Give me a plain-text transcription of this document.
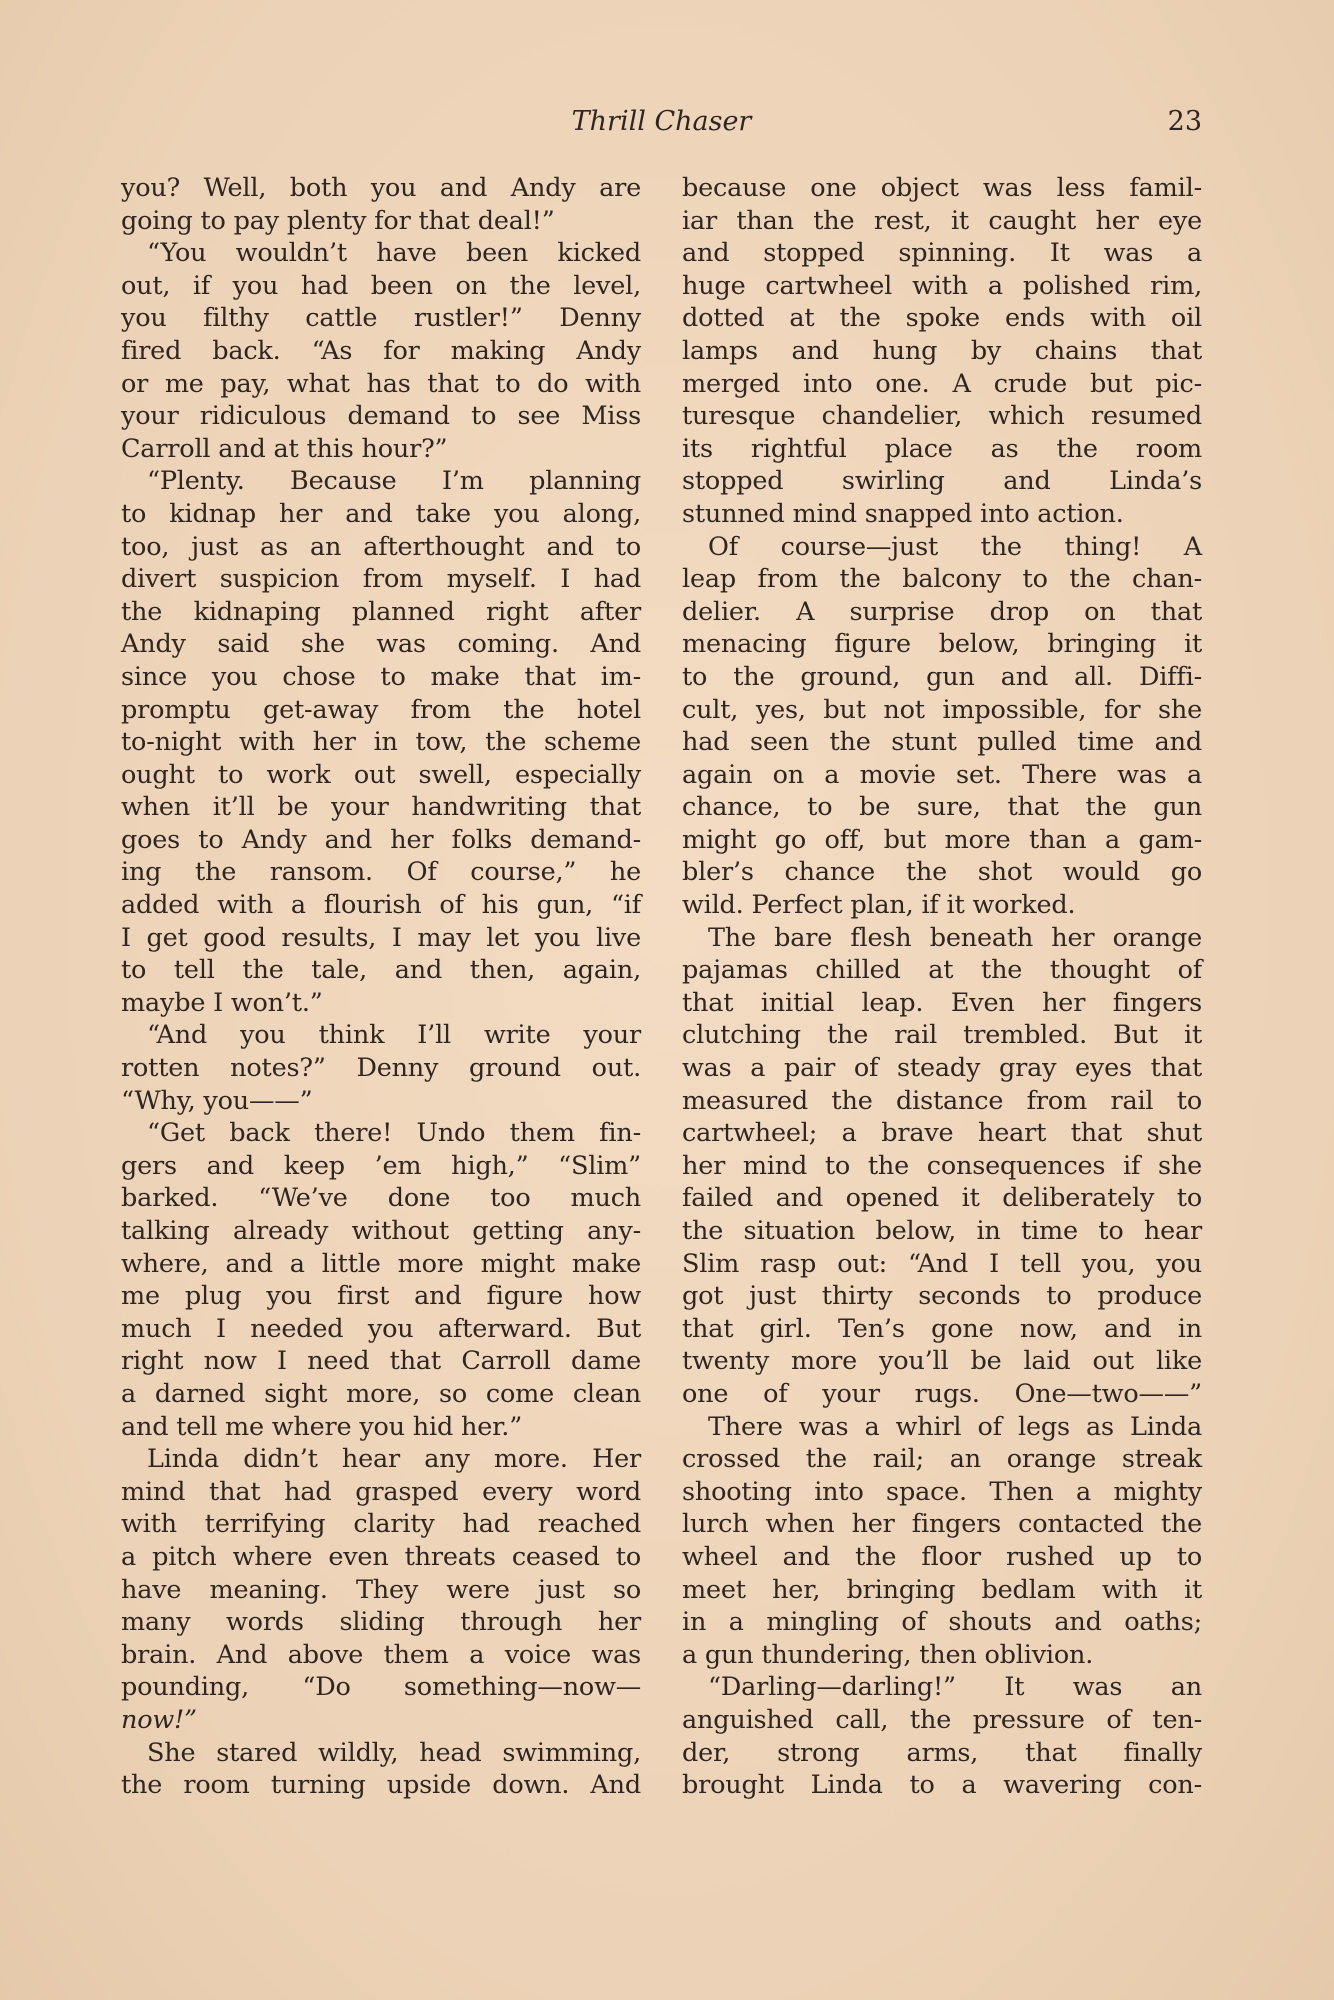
Thrill Chaser	23
you? Well, both you and Andy are
going to pay plenty for that deal!”
“You wouldn’t have been kicked
out, if you had been on the level,
you filthy cattle rustler!” Denny
fired back. “As for making Andy
or me pay, what has that to do with
your ridiculous demand to see Miss
Carroll and at this hour?”
“Plenty. Because I’m planning
to kidnap her and take you along,
too, just as an afterthought and to
divert suspicion from myself. I had
the kidnaping planned right after
Andy said she was coming. And
since you chose to make that im-
promptu get-away from the hotel
to-night with her in tow, the scheme
ought to work out swell, especially
when it’ll be your handwriting that
goes to Andy and her folks demand-
ing the ransom. Of course,” he
added with a flourish of his gun, “if
I get good results, I may let you live
to tell the tale, and then, again,
maybe I won’t.”
“And you think I’ll write your
rotten notes?” Denny ground out.
“Why, you——”
“Get back there! Undo them fin-
gers and keep ’em high,” “Slim”
barked. “We’ve done too much
talking already without getting any-
where, and a little more might make
me plug you first and figure how
much I needed you afterward. But
right now I need that Carroll dame
a darned sight more, so come clean
and tell me where you hid her.”
Linda didn’t hear any more. Her
mind that had grasped every word
with terrifying clarity had reached
a pitch where even threats ceased to
have meaning. They were just so
many words sliding through her
brain. And above them a voice was
pounding, “Do something—now—
now!”
She stared wildly, head swimming,
the room turning upside down. And
because one object was less famil-
iar than the rest, it caught her eye
and stopped spinning. It was a
huge cartwheel with a polished rim,
dotted at the spoke ends with oil
lamps and hung by chains that
merged into one. A crude but pic-
turesque chandelier, which resumed
its rightful place as the room
stopped swirling and Linda’s
stunned mind snapped into action.
Of course—just the thing! A
leap from the balcony to the chan-
delier. A surprise drop on that
menacing figure below, bringing it
to the ground, gun and all. Diffi-
cult, yes, but not impossible, for she
had seen the stunt pulled time and
again on a movie set. There was a
chance, to be sure, that the gun
might go off, but more than a gam-
bler’s chance the shot would go
wild. Perfect plan, if it worked.
The bare flesh beneath her orange
pajamas chilled at the thought of
that initial leap. Even her fingers
clutching the rail trembled. But it
was a pair of steady gray eyes that
measured the distance from rail to
cartwheel; a brave heart that shut
her mind to the consequences if she
failed and opened it deliberately to
the situation below, in time to hear
Slim rasp out: “And I tell you, you
got just thirty seconds to produce
that girl. Ten’s gone now, and in
twenty more you’ll be laid out like
one of your rugs. One—two——”
There was a whirl of legs as Linda
crossed the rail; an orange streak
shooting into space. Then a mighty
lurch when her fingers contacted the
wheel and the floor rushed up to
meet her, bringing bedlam with it
in a mingling of shouts and oaths;
a gun thundering, then oblivion.
“Darling—darling!” It was an
anguished call, the pressure of ten-
der, strong arms, that finally
brought Linda to a wavering con-
